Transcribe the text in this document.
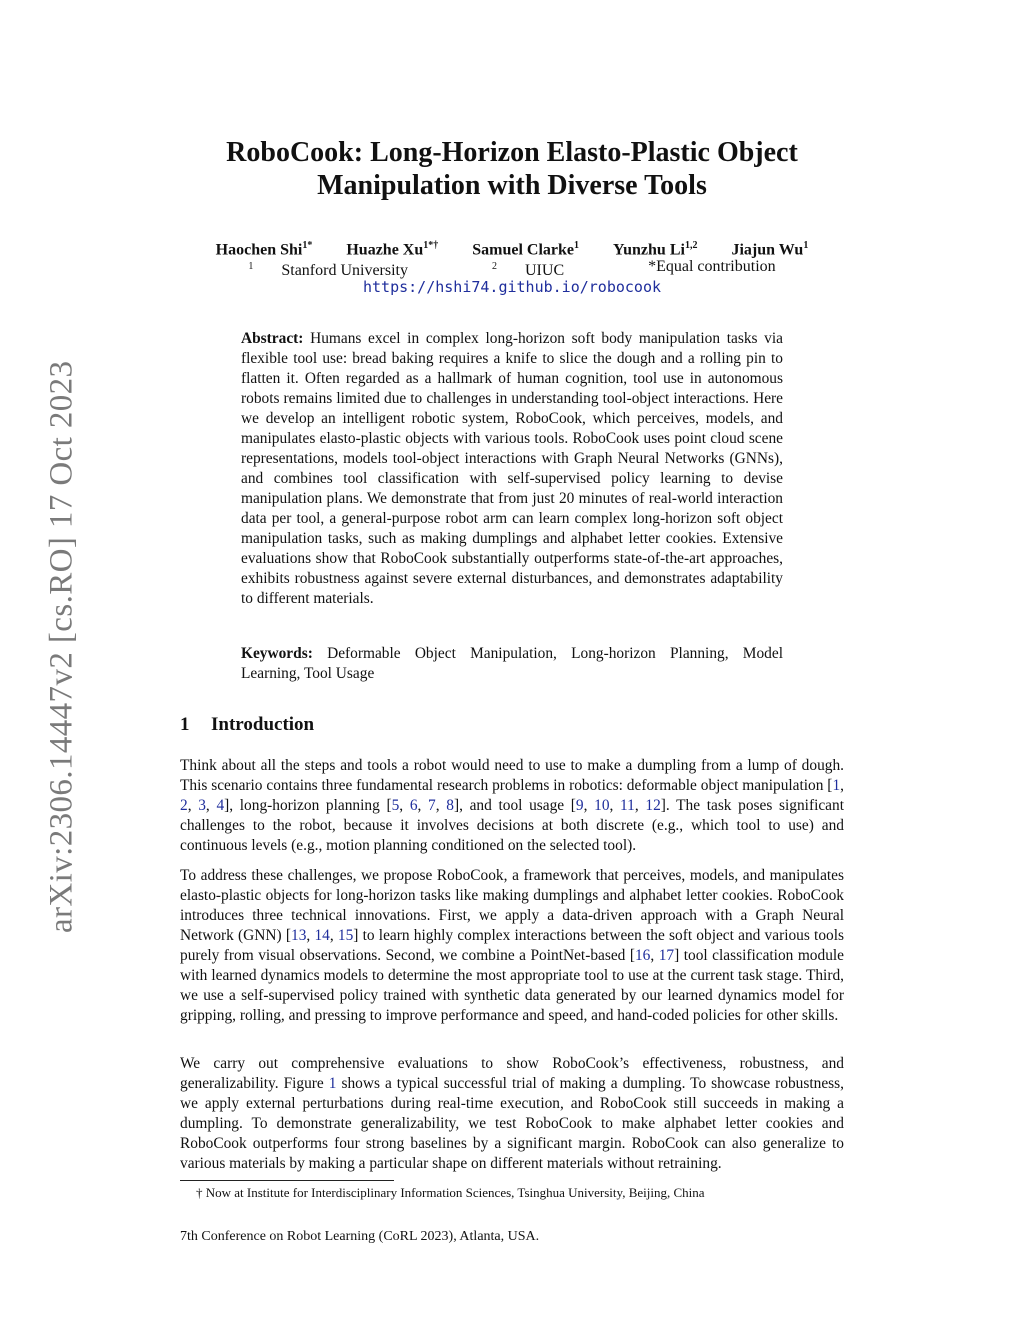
arXiv:2306.14447v2 [cs.RO] 17 Oct 2023
RoboCook: Long-Horizon Elasto-Plastic Object
Manipulation with Diverse Tools
Haochen Shi$^{1*}$ Huazhe $Xu^{1*\dagger}$ Samuel Clarke$^1$ Yunzhu Li$^{1,2}$ Jiajun Wu$^1$
$^1$ Stanford University	$^2$ UIUC	*Equal contribution
https://hshi74.github.io/robocook

Abstract: Humans excel in complex long-horizon soft body manipulation tasks via flexible tool use: bread baking requires a knife to slice the dough and a rolling pin to flatten it. Often regarded as a hallmark of human cognition, tool use in autonomous robots remains limited due to challenges in understanding tool-object interactions. Here we develop an intelligent robotic system, RoboCook, which perceives, models, and manipulates elasto-plastic objects with various tools. RoboCook uses point cloud scene representations, models tool-object interactions with Graph Neural Networks (GNNs), and combines tool classification with self-supervised policy learning to devise manipulation plans. We demonstrate that from just 20 minutes of real-world interaction data per tool, a general-purpose robot arm can learn complex long-horizon soft object manipulation tasks, such as making dumplings and alphabet letter cookies. Extensive evaluations show that RoboCook substantially outperforms state-of-the-art approaches, exhibits robustness against severe external disturbances, and demonstrates adaptability to different materials.

Keywords: Deformable Object Manipulation, Long-horizon Planning, Model Learning, Tool Usage

1 Introduction

Think about all the steps and tools a robot would need to use to make a dumpling from a lump of dough. This scenario contains three fundamental research problems in robotics: deformable object manipulation [1, 2, 3, 4], long-horizon planning [5, 6, 7, 8], and tool usage [9, 10, 11, 12]. The task poses significant challenges to the robot, because it involves decisions at both discrete (e.g., which tool to use) and continuous levels (e.g., motion planning conditioned on the selected tool).

To address these challenges, we propose RoboCook, a framework that perceives, models, and manipulates elasto-plastic objects for long-horizon tasks like making dumplings and alphabet letter cookies. RoboCook introduces three technical innovations. First, we apply a data-driven approach with a Graph Neural Network (GNN) [13, 14, 15] to learn highly complex interactions between the soft object and various tools purely from visual observations. Second, we combine a PointNet-based [16, 17] tool classification module with learned dynamics models to determine the most appropriate tool to use at the current task stage. Third, we use a self-supervised policy trained with synthetic data generated by our learned dynamics model for gripping, rolling, and pressing to improve performance and speed, and hand-coded policies for other skills.

We carry out comprehensive evaluations to show RoboCook’s effectiveness, robustness, and generalizability. Figure 1 shows a typical successful trial of making a dumpling. To showcase robustness, we apply external perturbations during real-time execution, and RoboCook still succeeds in making a dumpling. To demonstrate generalizability, we test RoboCook to make alphabet letter cookies and RoboCook outperforms four strong baselines by a significant margin. RoboCook can also generalize to various materials by making a particular shape on different materials without retraining.

† Now at Institute for Interdisciplinary Information Sciences, Tsinghua University, Beijing, China

7th Conference on Robot Learning (CoRL 2023), Atlanta, USA.
